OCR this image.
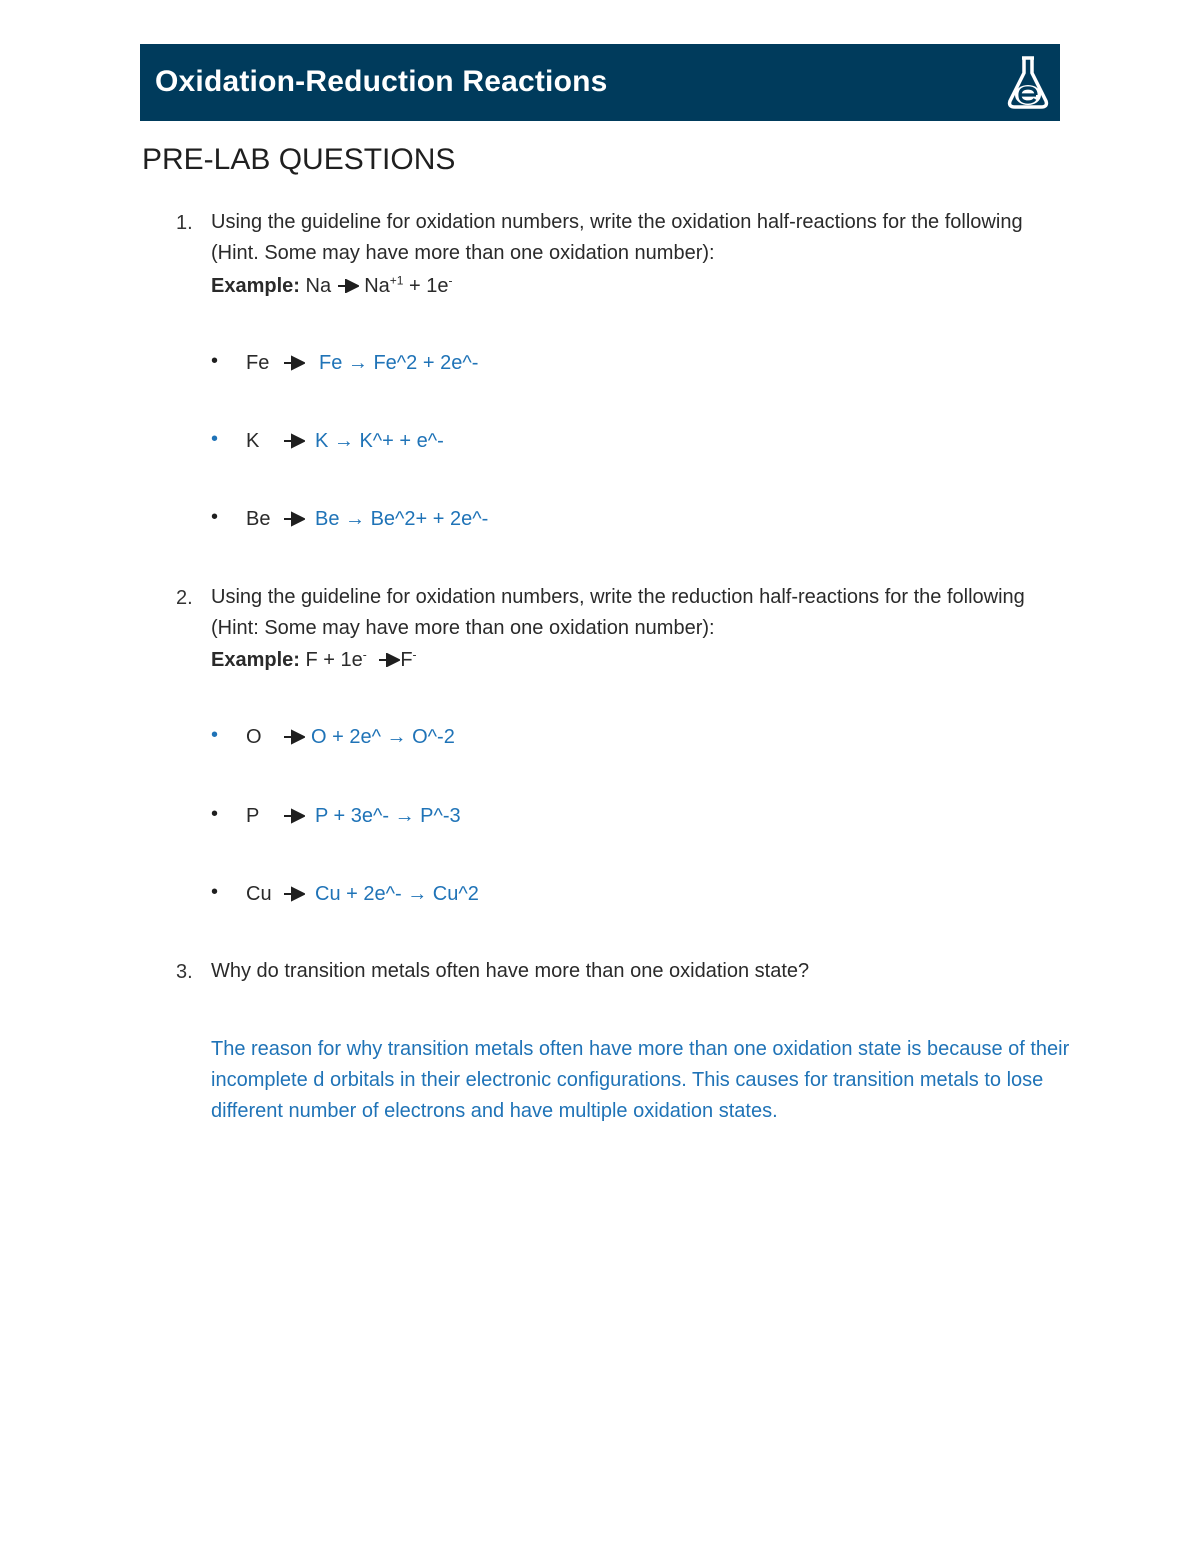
Oxidation-Reduction Reactions
PRE-LAB QUESTIONS
1. Using the guideline for oxidation numbers, write the oxidation half-reactions for the following (Hint. Some may have more than one oxidation number):
Example: Na $Na^{+1} + 1e^-$
• Fe Fe → Fe^2 + 2e^-
• K	K → K^+ + e^-
• Be Be → Be^2+ + 2e^-
2. Using the guideline for oxidation numbers, write the reduction half-reactions for the following (Hint: Some may have more than one oxidation number):
Example: F + 1e- F-
• O O + 2e^ → O^-2
• P	P + 3e^- → P^-3
• Cu Cu + 2e^- → Cu^2
3. Why do transition metals often have more than one oxidation state?
The reason for why transition metals often have more than one oxidation state is because of their incomplete d orbitals in their electronic configurations. This causes for transition metals to lose different number of electrons and have multiple oxidation states.
